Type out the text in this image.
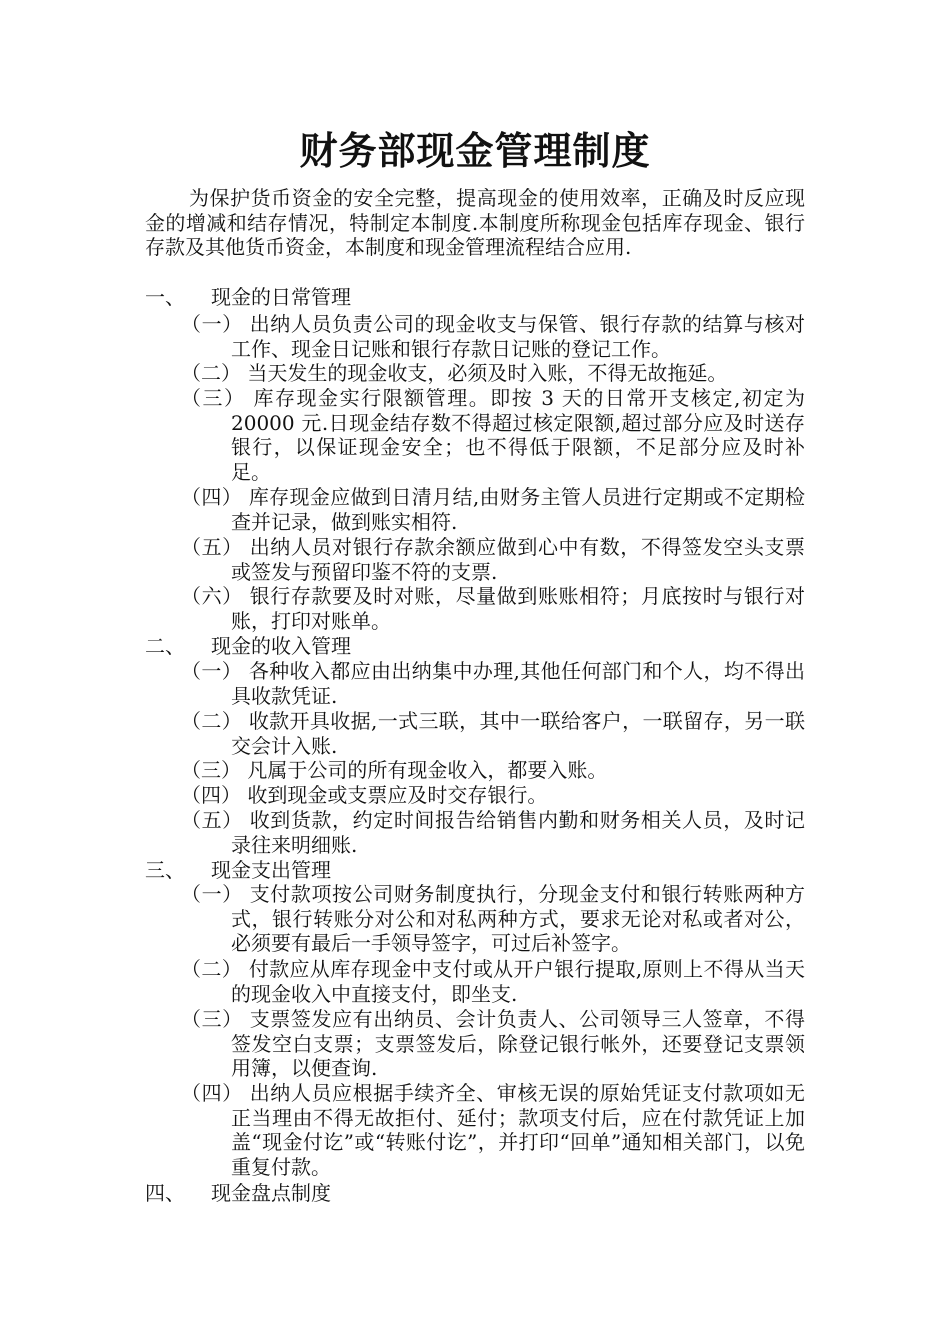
财务部现金管理制度
为保护货币资金的安全完整，提高现金的使用效率，正确及时反应现金的增减和结存情况，特制定本制度.本制度所称现金包括库存现金、银行存款及其他货币资金，本制度和现金管理流程结合应用.
一、 现金的日常管理
（一） 出纳人员负责公司的现金收支与保管、银行存款的结算与核对工作、现金日记账和银行存款日记账的登记工作。
（二） 当天发生的现金收支，必须及时入账，不得无故拖延。
（三） 库存现金实行限额管理。即按 3 天的日常开支核定,初定为 20000 元.日现金结存数不得超过核定限额,超过部分应及时送存银行，以保证现金安全；也不得低于限额，不足部分应及时补足。
（四） 库存现金应做到日清月结,由财务主管人员进行定期或不定期检查并记录，做到账实相符.
（五） 出纳人员对银行存款余额应做到心中有数，不得签发空头支票或签发与预留印鉴不符的支票.
（六） 银行存款要及时对账，尽量做到账账相符；月底按时与银行对账，打印对账单。
二、 现金的收入管理
（一） 各种收入都应由出纳集中办理,其他任何部门和个人，均不得出具收款凭证.
（二） 收款开具收据,一式三联，其中一联给客户，一联留存，另一联交会计入账.
（三） 凡属于公司的所有现金收入，都要入账。
（四） 收到现金或支票应及时交存银行。
（五） 收到货款，约定时间报告给销售内勤和财务相关人员，及时记录往来明细账.
三、 现金支出管理
（一） 支付款项按公司财务制度执行，分现金支付和银行转账两种方式，银行转账分对公和对私两种方式，要求无论对私或者对公，必须要有最后一手领导签字，可过后补签字。
（二） 付款应从库存现金中支付或从开户银行提取,原则上不得从当天的现金收入中直接支付，即坐支.
（三） 支票签发应有出纳员、会计负责人、公司领导三人签章，不得签发空白支票；支票签发后，除登记银行帐外，还要登记支票领用簿，以便查询.
（四） 出纳人员应根据手续齐全、审核无误的原始凭证支付款项如无正当理由不得无故拒付、延付；款项支付后，应在付款凭证上加盖“现金付讫”或“转账付讫”，并打印“回单”通知相关部门，以免重复付款。
四、 现金盘点制度
